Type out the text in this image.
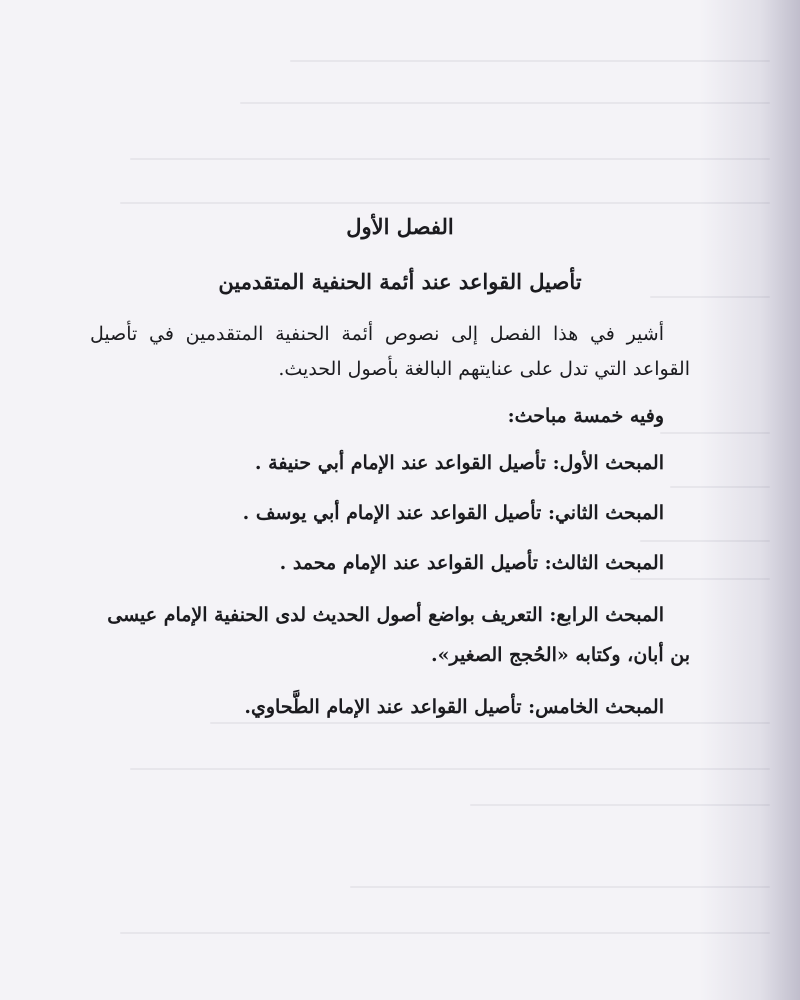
الفصل الأول
تأصيل القواعد عند أئمة الحنفية المتقدمين

أشير في هذا الفصل إلى نصوص أئمة الحنفية المتقدمين في تأصيل القواعد التي تدل على عنايتهم البالغة بأصول الحديث.

وفيه خمسة مباحث:

المبحث الأول: تأصيل القواعد عند الإمام أبي حنيفة .

المبحث الثاني: تأصيل القواعد عند الإمام أبي يوسف .

المبحث الثالث: تأصيل القواعد عند الإمام محمد .

المبحث الرابع: التعريف بواضع أصول الحديث لدى الحنفية الإمام عيسى بن أبان، وكتابه «الحُجج الصغير».

المبحث الخامس: تأصيل القواعد عند الإمام الطَّحاوي.
